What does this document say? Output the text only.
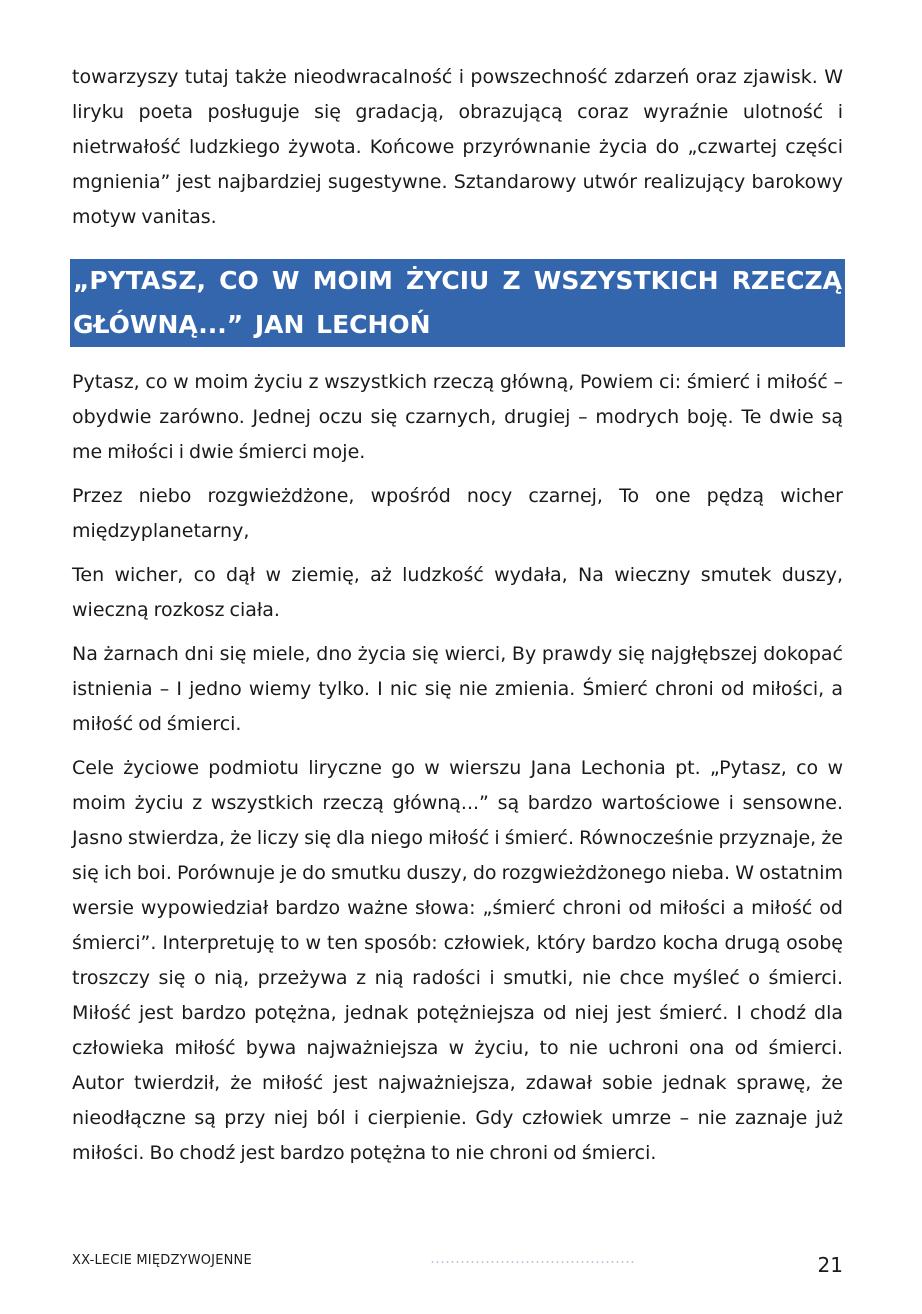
towarzyszy tutaj także nieodwracalność i powszechność zdarzeń oraz zjawisk. W liryku poeta posługuje się gradacją, obrazującą coraz wyraźnie ulotność i nietrwałość ludzkiego żywota. Końcowe przyrównanie życia do „czwartej części mgnienia” jest najbardziej sugestywne. Sztandarowy utwór realizujący barokowy motyw vanitas.

„PYTASZ, CO W MOIM ŻYCIU Z WSZYSTKICH RZECZĄ GŁÓWNĄ...” JAN LECHOŃ

Pytasz, co w moim życiu z wszystkich rzeczą główną, Powiem ci: śmierć i miłość – obydwie zarówno. Jednej oczu się czarnych, drugiej – modrych boję. Te dwie są me miłości i dwie śmierci moje.

Przez niebo rozgwieżdżone, wpośród nocy czarnej, To one pędzą wicher międzyplanetarny,

Ten wicher, co dął w ziemię, aż ludzkość wydała, Na wieczny smutek duszy, wieczną rozkosz ciała.

Na żarnach dni się miele, dno życia się wierci, By prawdy się najgłębszej dokopać istnienia – I jedno wiemy tylko. I nic się nie zmienia. Śmierć chroni od miłości, a miłość od śmierci.

Cele życiowe podmiotu liryczne go w wierszu Jana Lechonia pt. „Pytasz, co w moim życiu z wszystkich rzeczą główną...” są bardzo wartościowe i sensowne. Jasno stwierdza, że liczy się dla niego miłość i śmierć. Równocześnie przyznaje, że się ich boi. Porównuje je do smutku duszy, do rozgwieżdżonego nieba. W ostatnim wersie wypowiedział bardzo ważne słowa: „śmierć chroni od miłości a miłość od śmierci”. Interpretuję to w ten sposób: człowiek, który bardzo kocha drugą osobę troszczy się o nią, przeżywa z nią radości i smutki, nie chce myśleć o śmierci. Miłość jest bardzo potężna, jednak potężniejsza od niej jest śmierć. I chodź dla człowieka miłość bywa najważniejsza w życiu, to nie uchroni ona od śmierci. Autor twierdził, że miłość jest najważniejsza, zdawał sobie jednak sprawę, że nieodłączne są przy niej ból i cierpienie. Gdy człowiek umrze – nie zaznaje już miłości. Bo chodź jest bardzo potężna to nie chroni od śmierci.

XX-LECIE MIĘDZYWOJENNE	21
